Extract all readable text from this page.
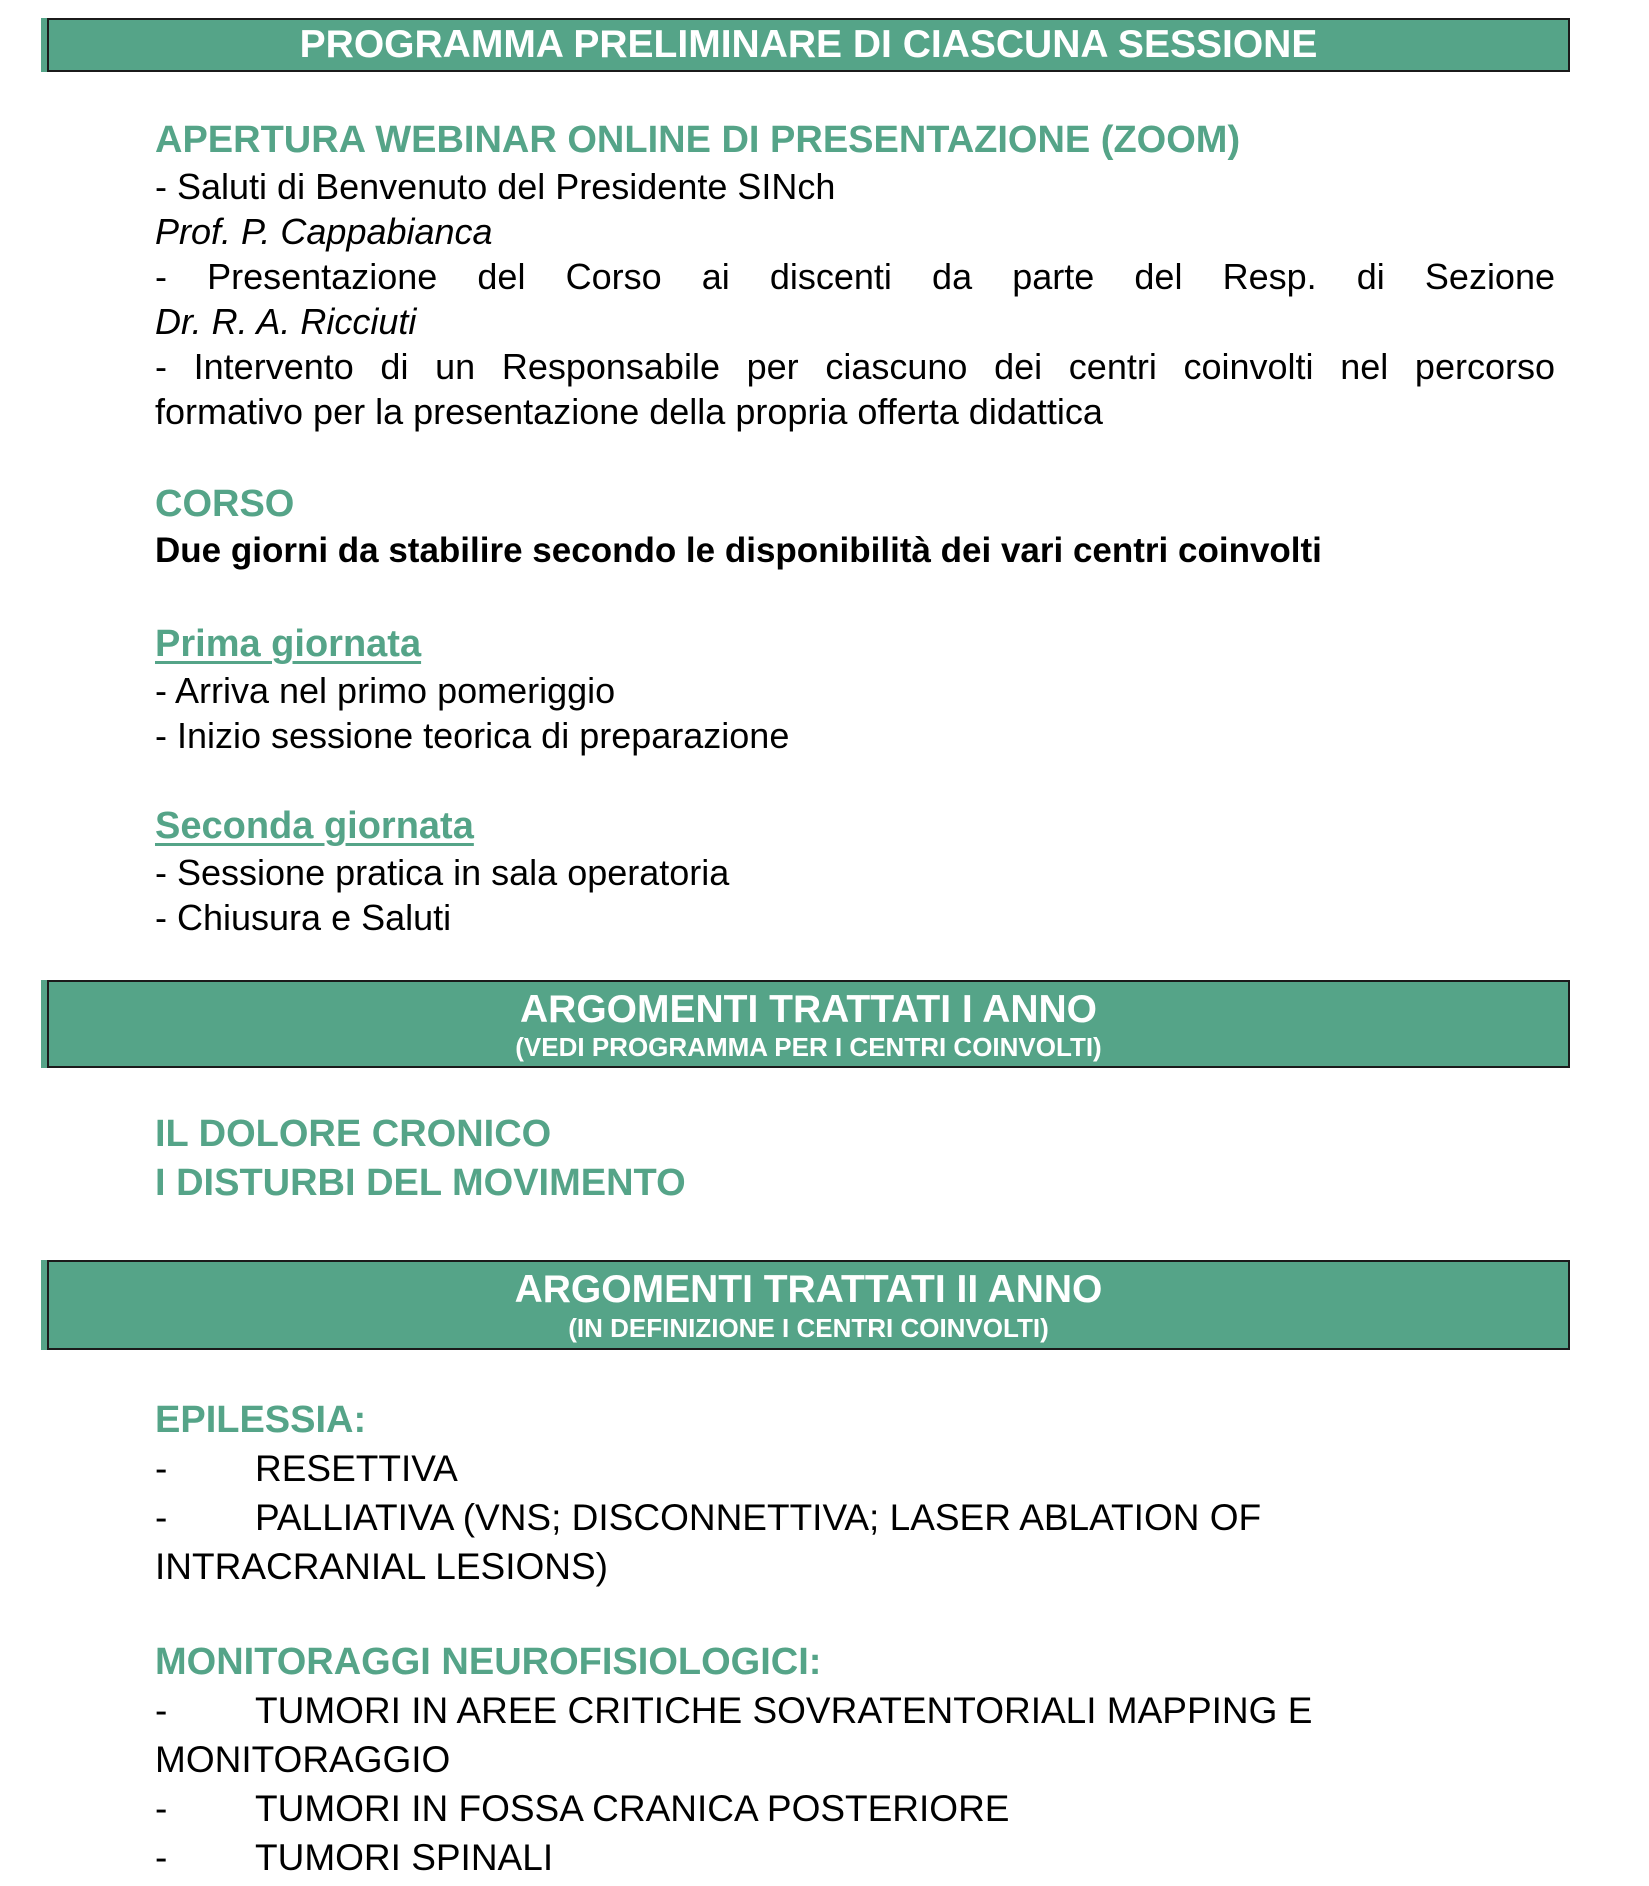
PROGRAMMA PRELIMINARE DI CIASCUNA SESSIONE
APERTURA WEBINAR ONLINE DI PRESENTAZIONE (ZOOM)
- Saluti di Benvenuto del Presidente SINch
Prof. P. Cappabianca
- Presentazione del Corso ai discenti da parte del Resp. di Sezione
Dr. R. A. Ricciuti
- Intervento di un Responsabile per ciascuno dei centri coinvolti nel percorso
formativo per la presentazione della propria offerta didattica
CORSO
Due giorni da stabilire secondo le disponibilità dei vari centri coinvolti
Prima giornata
- Arriva nel primo pomeriggio
- Inizio sessione teorica di preparazione
Seconda giornata
- Sessione pratica in sala operatoria
- Chiusura e Saluti
ARGOMENTI TRATTATI I ANNO
(VEDI PROGRAMMA PER I CENTRI COINVOLTI)
IL DOLORE CRONICO
I DISTURBI DEL MOVIMENTO
ARGOMENTI TRATTATI II ANNO
(IN DEFINIZIONE I CENTRI COINVOLTI)
EPILESSIA:
- RESETTIVA
- PALLIATIVA (VNS; DISCONNETTIVA; LASER ABLATION OF
INTRACRANIAL LESIONS)
MONITORAGGI NEUROFISIOLOGICI:
- TUMORI IN AREE CRITICHE SOVRATENTORIALI MAPPING E
MONITORAGGIO
- TUMORI IN FOSSA CRANICA POSTERIORE
- TUMORI SPINALI
